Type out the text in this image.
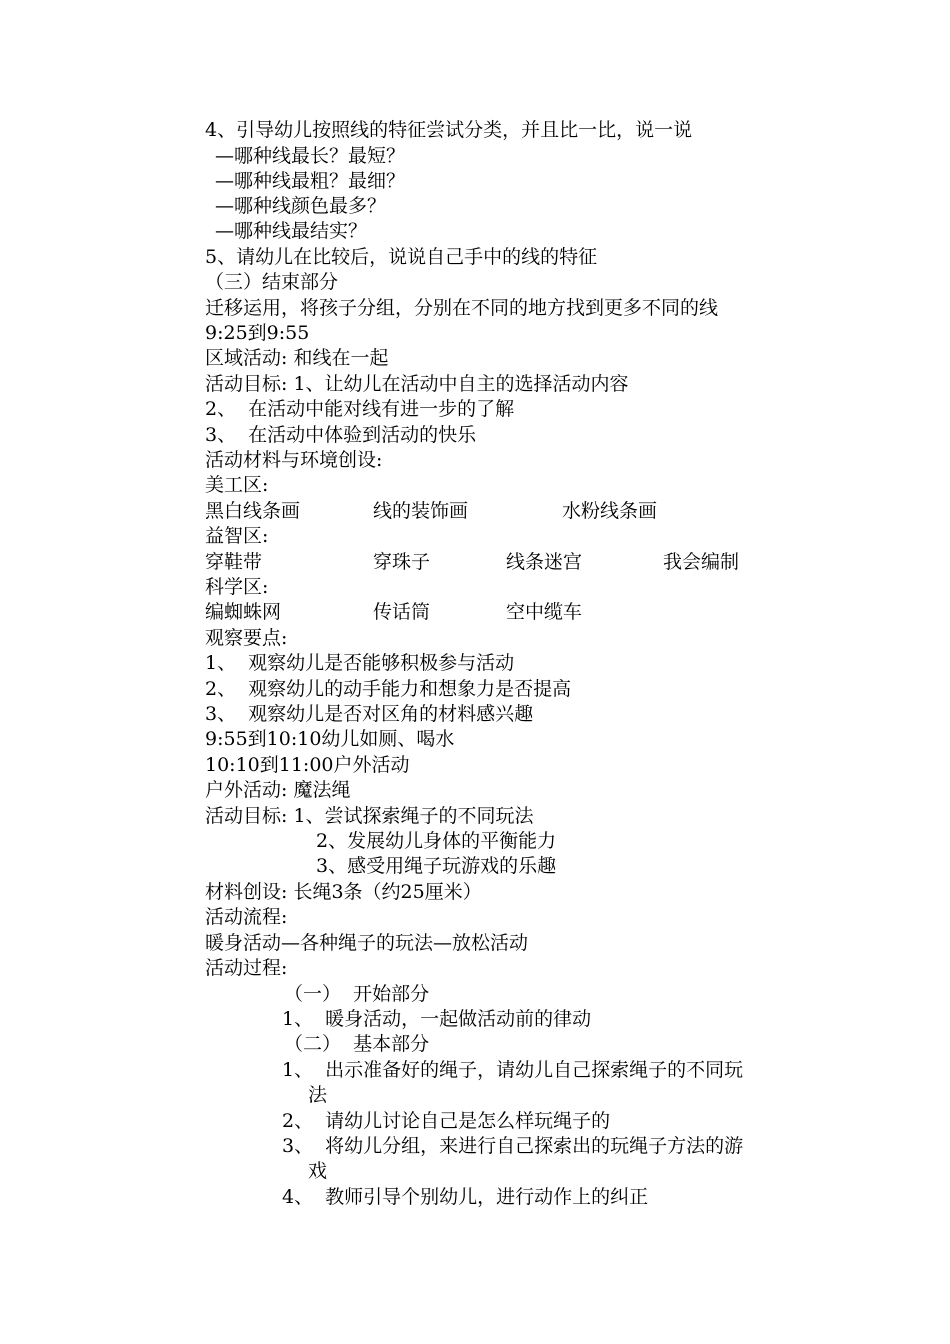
4、引导幼儿按照线的特征尝试分类，并且比一比，说一说
—哪种线最长？最短？
—哪种线最粗？最细？
—哪种线颜色最多？
—哪种线最结实？
5、请幼儿在比较后，说说自己手中的线的特征
（三）结束部分
迁移运用，将孩子分组，分别在不同的地方找到更多不同的线
9:25到9:55
区域活动: 和线在一起
活动目标: 1、让幼儿在活动中自主的选择活动内容
2、  在活动中能对线有进一步的了解
3、  在活动中体验到活动的快乐
活动材料与环境创设:
美工区:
黑白线条画	线的装饰画	水粉线条画
益智区:
穿鞋带	穿珠子	线条迷宫	我会编制
科学区:
编蜘蛛网	传话筒	空中缆车
观察要点:
1、  观察幼儿是否能够积极参与活动
2、  观察幼儿的动手能力和想象力是否提高
3、  观察幼儿是否对区角的材料感兴趣
9:55到10:10幼儿如厕、喝水
10:10到11:00户外活动
户外活动: 魔法绳
活动目标: 1、尝试探索绳子的不同玩法
2、发展幼儿身体的平衡能力
3、感受用绳子玩游戏的乐趣
材料创设: 长绳3条（约25厘米）
活动流程:
暖身活动—各种绳子的玩法—放松活动
活动过程:
（一）  开始部分
1、  暖身活动，一起做活动前的律动
（二）  基本部分
1、  出示准备好的绳子，请幼儿自己探索绳子的不同玩
法
2、  请幼儿讨论自己是怎么样玩绳子的
3、  将幼儿分组，来进行自己探索出的玩绳子方法的游
戏
4、  教师引导个别幼儿，进行动作上的纠正
